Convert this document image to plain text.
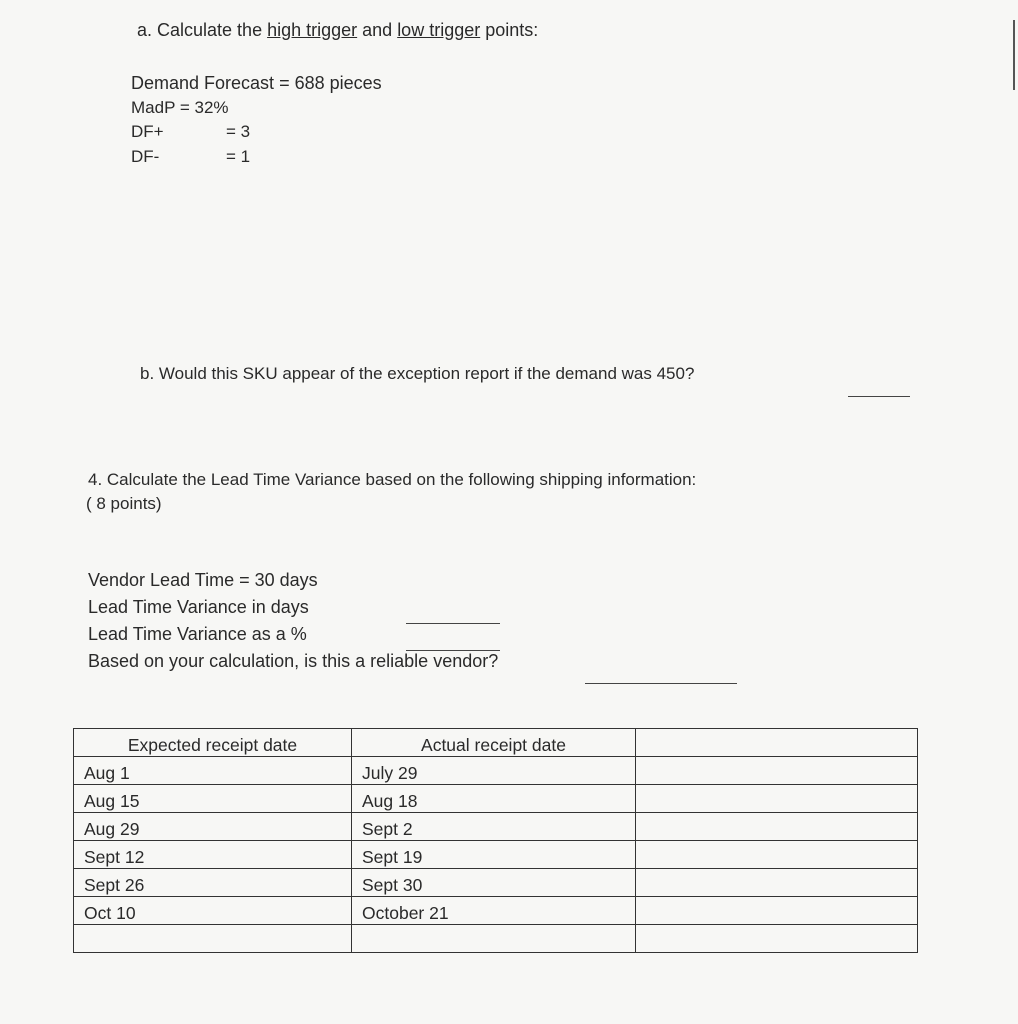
a. Calculate the high trigger and low trigger points:
Demand Forecast = 688 pieces
MadP = 32%
DF+	= 3
DF-	= 1
b. Would this SKU appear of the exception report if the demand was 450?
4. Calculate the Lead Time Variance based on the following shipping information:
( 8 points)
Vendor Lead Time = 30 days
Lead Time Variance in days
Lead Time Variance as a %
Based on your calculation, is this a reliable vendor?
Expected receipt date	Actual receipt date	
Aug 1	July 29	
Aug 15	Aug 18	
Aug 29	Sept 2	
Sept 12	Sept 19	
Sept 26	Sept 30	
Oct 10	October 21	
